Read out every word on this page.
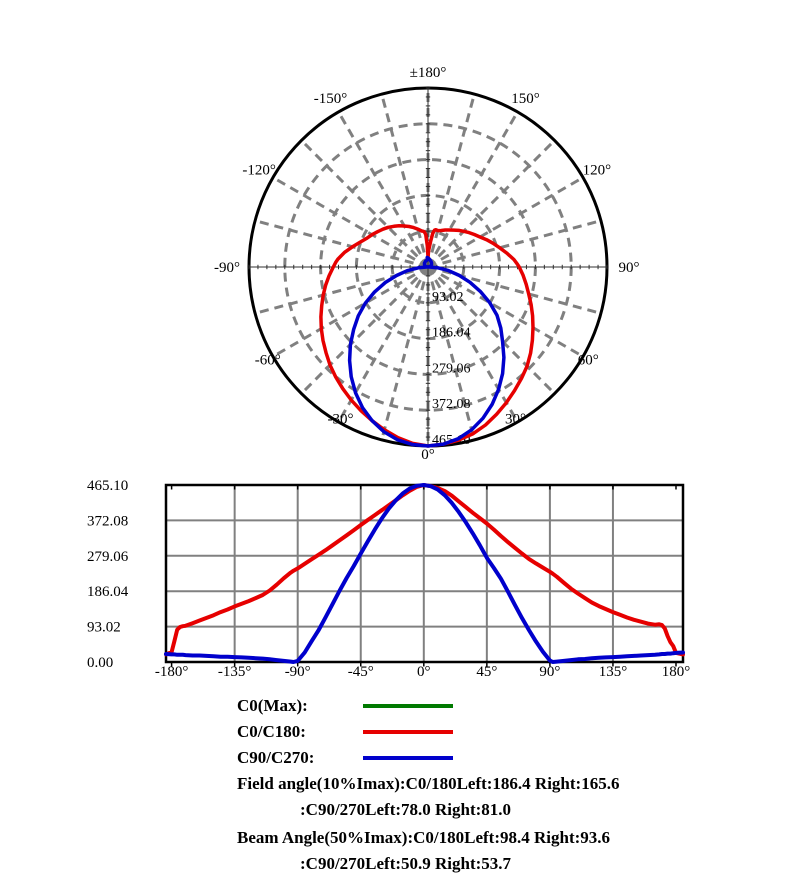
93.02
186.04
279.06
372.08
465.10
±180°
-150°	150°
-120°	120°
-90°	90°
-60°	60°
-30°	30°
0°
465.10
372.08
279.06
186.04
93.02
0.00
-180° -135° -90° -45°	0°	45°	90°	135° 180°
C0(Max):
C0/C180:
C90/C270:
Field angle(10%Imax):C0/180Left:186.4 Right:165.6
:C90/270Left:78.0 Right:81.0
Beam Angle(50%Imax):C0/180Left:98.4 Right:93.6
:C90/270Left:50.9 Right:53.7
